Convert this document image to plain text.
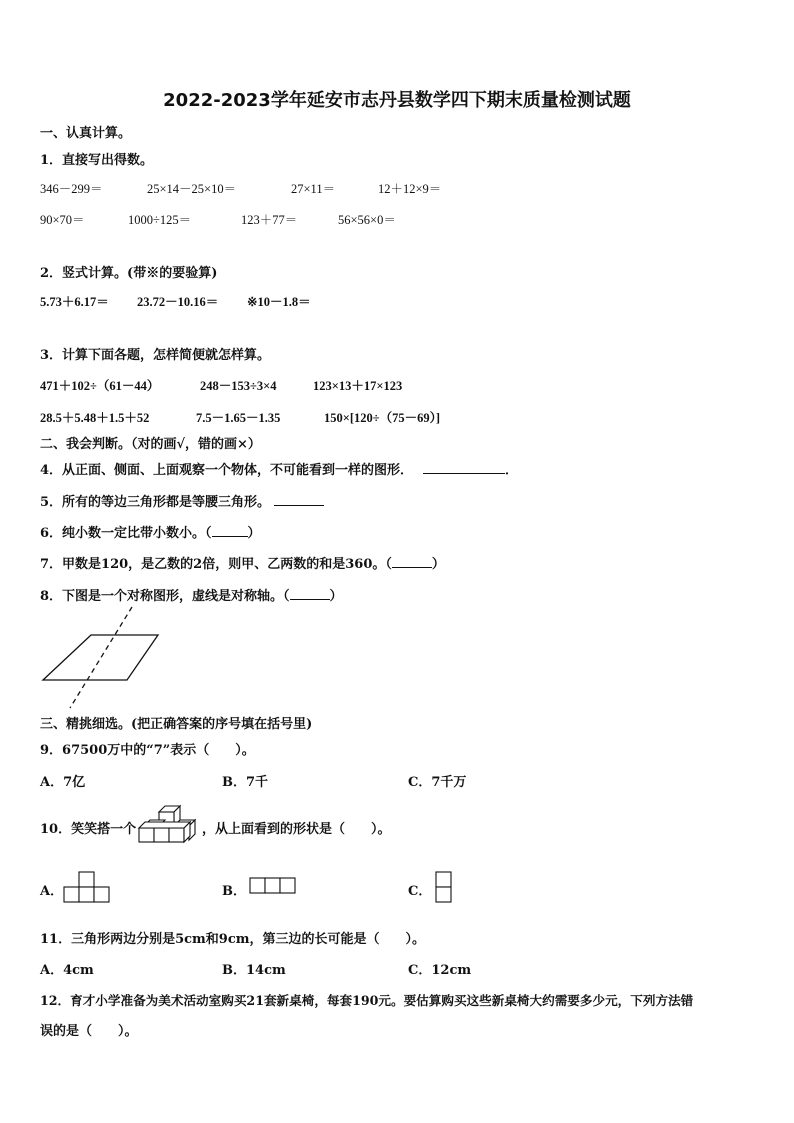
2022-2023学年延安市志丹县数学四下期末质量检测试题
一、认真计算。
1．直接写出得数。
346－299＝	25×14－25×10＝	27×11＝	12＋12×9＝
90×70＝	1000÷125＝	123＋77＝	56×56×0＝
2．竖式计算。(带※的要验算)
5.73＋6.17＝ 23.72－10.16＝ ※10－1.8＝
3．计算下面各题，怎样简便就怎样算。
471＋102÷（61－44）	248－153÷3×4	123×13＋17×123
28.5＋5.48＋1.5＋52	7.5－1.65－1.35	150×[120÷（75－69）]
二、我会判断。（对的画√，错的画×）
4．从正面、侧面、上面观察一个物体，不可能看到一样的图形．	．
5．所有的等边三角形都是等腰三角形。
6．纯小数一定比带小数小。（	）
7．甲数是120，是乙数的2倍，则甲、乙两数的和是360。（	）
8．下图是一个对称图形，虚线是对称轴。（	）
三、精挑细选。(把正确答案的序号填在括号里)
9．67500万中的“7”表示（　　）。
A．7亿	B．7千	C．7千万
10．笑笑搭一个	，从上面看到的形状是（　　）。
A．	B．	C．
11．三角形两边分别是5cm和9cm，第三边的长可能是（　　）。
A．4cm	B．14cm	C．12cm
12．育才小学准备为美术活动室购买21套新桌椅，每套190元。要估算购买这些新桌椅大约需要多少元，下列方法错
误的是（　　）。
